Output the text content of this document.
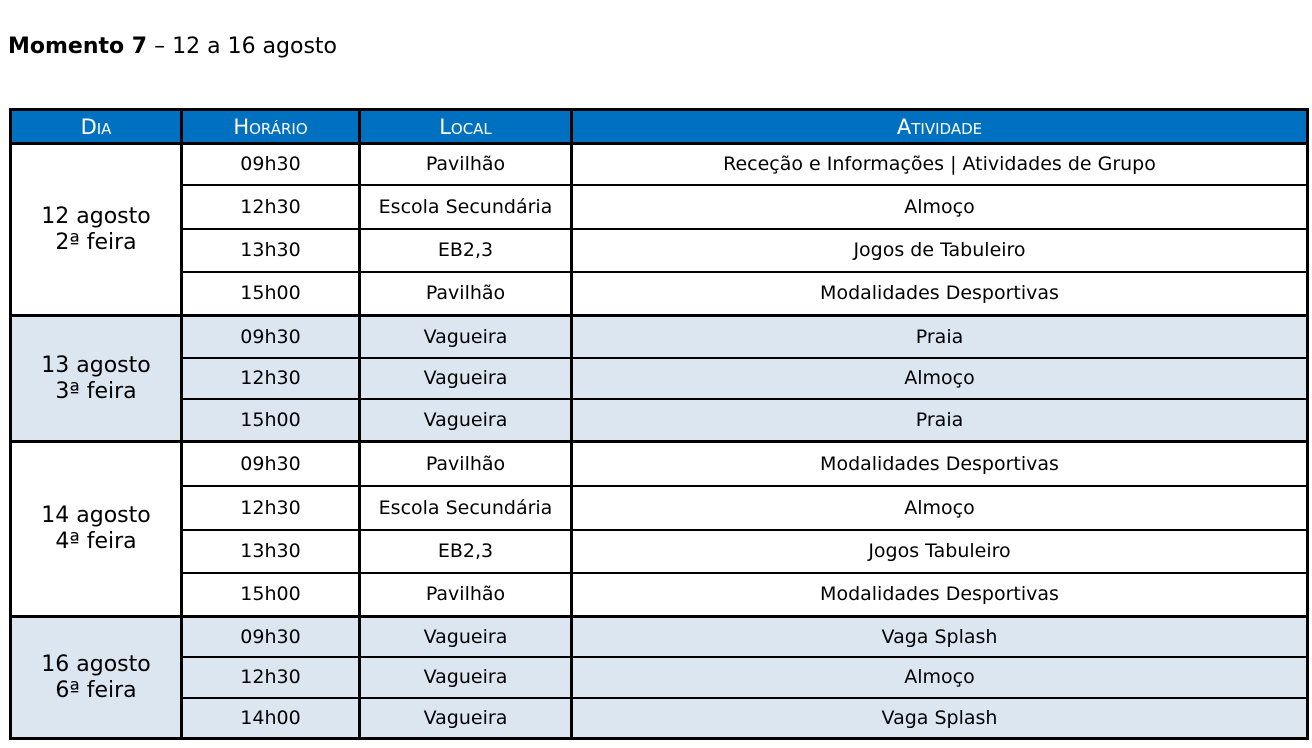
Momento 7 – 12 a 16 agosto
Dia	Horário	Local	Atividade

12 agosto
2ª feira	09h30	Pavilhão	Receção e Informações | Atividades de Grupo
	12h30	Escola Secundária	Almoço
	13h30	EB2,3	Jogos de Tabuleiro
	15h00	Pavilhão	Modalidades Desportivas

13 agosto
3ª feira	09h30	Vagueira	Praia
	12h30	Vagueira	Almoço
	15h00	Vagueira	Praia

14 agosto
4ª feira	09h30	Pavilhão	Modalidades Desportivas
	12h30	Escola Secundária	Almoço
	13h30	EB2,3	Jogos Tabuleiro
	15h00	Pavilhão	Modalidades Desportivas

16 agosto
6ª feira	09h30	Vagueira	Vaga Splash
	12h30	Vagueira	Almoço
	14h00	Vagueira	Vaga Splash
